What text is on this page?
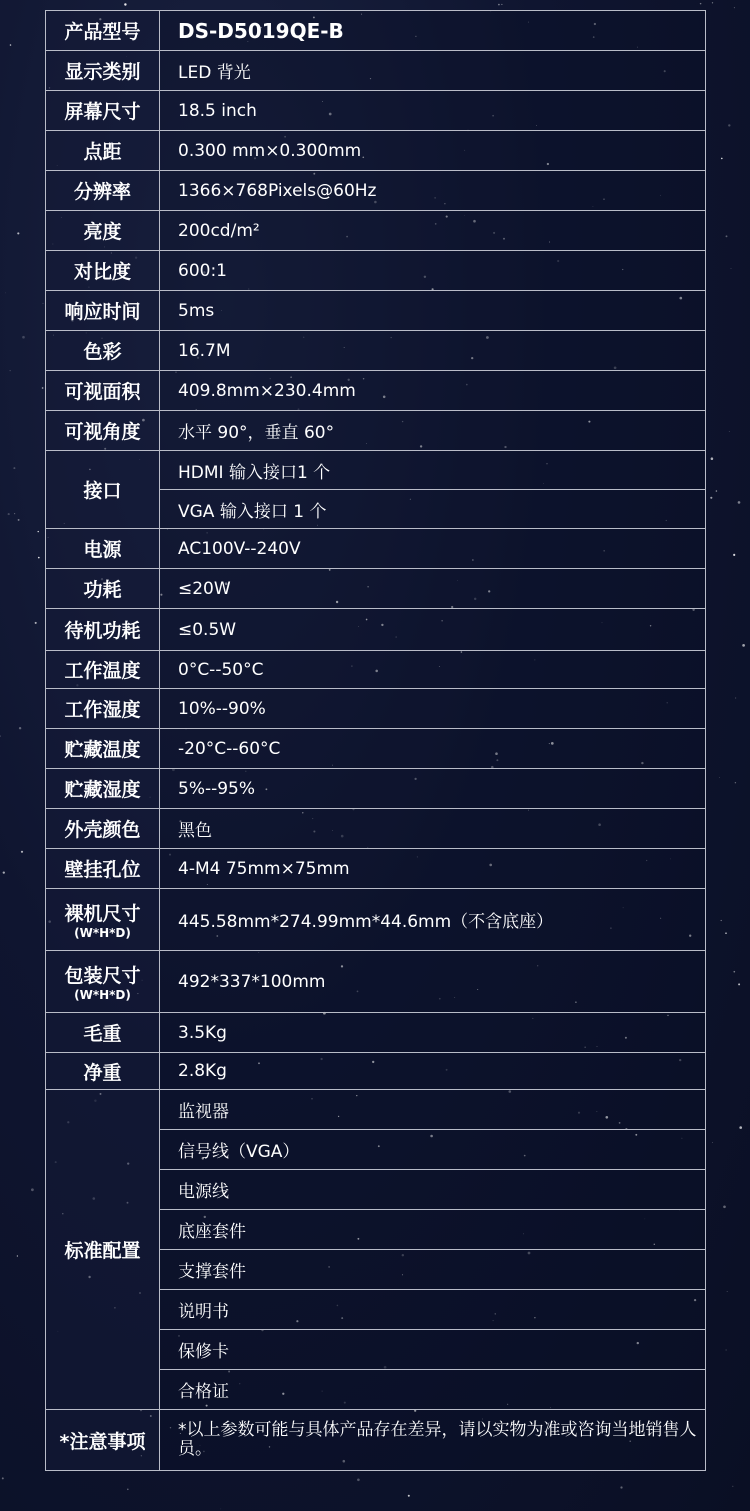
产品型号	DS-D5019QE-B
显示类别	LED 背光
屏幕尺寸	18.5 inch
点距	0.300 mm×0.300mm
分辨率	1366×768Pixels@60Hz
亮度	200cd/m²
对比度	600:1
响应时间	5ms
色彩	16.7M
可视面积	409.8mm×230.4mm
可视角度	水平 90°，垂直 60°
接口	HDMI 输入接口1 个
	VGA 输入接口 1 个
电源	AC100V--240V
功耗	≤20W
待机功耗	≤0.5W
工作温度	0°C--50°C
工作湿度	10%--90%
贮藏温度	-20°C--60°C
贮藏湿度	5%--95%
外壳颜色	黑色
壁挂孔位	4-M4 75mm×75mm
裸机尺寸
(W*H*D)	445.58mm*274.99mm*44.6mm（不含底座）
包装尺寸
(W*H*D)	492*337*100mm
毛重	3.5Kg
净重	2.8Kg
标准配置	监视器
	信号线（VGA）
	电源线
	底座套件
	支撑套件
	说明书
	保修卡
	合格证
*注意事项	*以上参数可能与具体产品存在差异，请以实物为准或咨询当地销售人员。
